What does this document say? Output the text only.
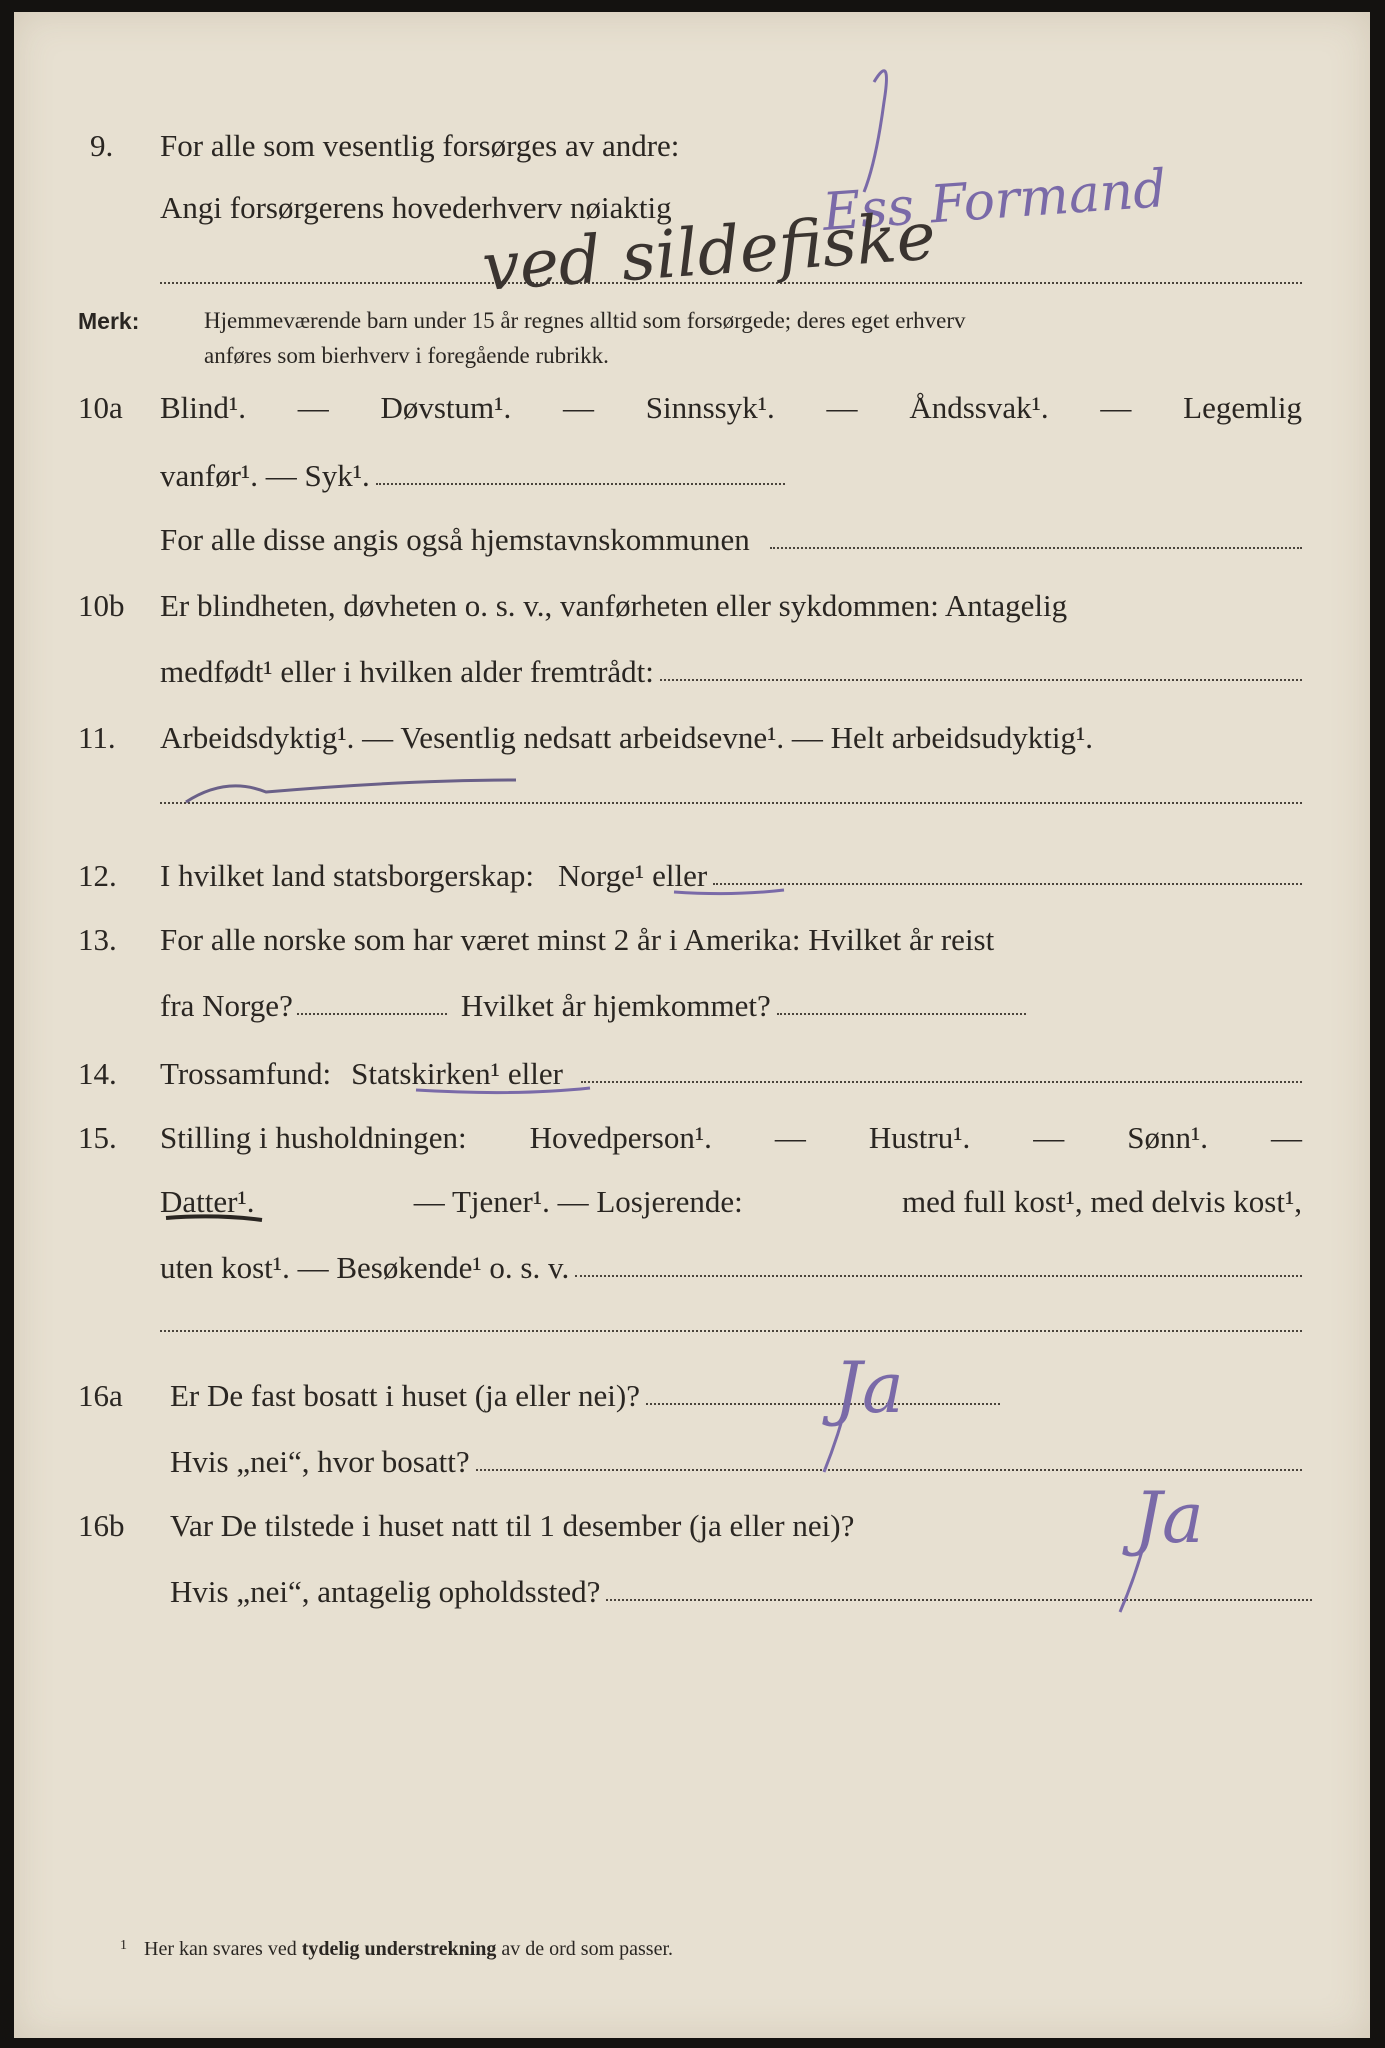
9. For alle som vesentlig forsørges av andre:
Angi forsørgerens hovederhverv nøiaktig
Merk:	Hjemmeværende barn under 15 år regnes alltid som forsørgede; deres eget erhverv
anføres som bierhverv i foregående rubrikk.
10a Blind¹. — Døvstum¹. — Sinnssyk¹. — Åndssvak¹. — Legemlig
vanfør¹. — Syk¹.
For alle disse angis også hjemstavnskommunen
10b Er blindheten, døvheten o. s. v., vanførheten eller sykdommen: Antagelig
medfødt¹ eller i hvilken alder fremtrådt:
11. Arbeidsdyktig¹. — Vesentlig nedsatt arbeidsevne¹. — Helt arbeidsudyktig¹.
12. I hvilket land statsborgerskap: Norge¹ eller
13. For alle norske som har været minst 2 år i Amerika: Hvilket år reist
fra Norge?	Hvilket år hjemkommet?
14. Trossamfund: Statskirken¹ eller
15. Stilling i husholdningen: Hovedperson¹. — Hustru¹. — Sønn¹. —
Datter¹.	— Tjener¹. — Losjerende:	med full kost¹, med delvis kost¹,
uten kost¹. — Besøkende¹ o. s. v.
16a Er De fast bosatt i huset (ja eller nei)?
Hvis „nei“, hvor bosatt?
16b Var De tilstede i huset natt til 1 desember (ja eller nei)?
Hvis „nei“, antagelig opholdssted?
$^1$ Her kan svares ved tydelig understrekning av de ord som passer.
Ess Formand
ved sildefiske
Ja
Ja
